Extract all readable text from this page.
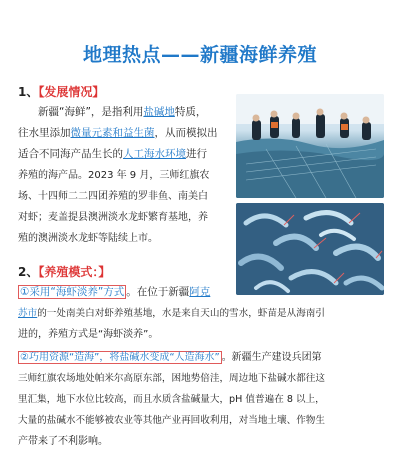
地理热点——新疆海鲜养殖
1、【发展情况】
新疆“海鲜”，是指利用盐碱地特质，
往水里添加微量元素和益生菌，从而模拟出
适合不同海产品生长的人工海水环境进行
养殖的海产品。2023 年 9 月，三师红旗农
场、十四师二二四团养殖的罗非鱼、南美白
对虾；麦盖提县澳洲淡水龙虾繁育基地，养
殖的澳洲淡水龙虾等陆续上市。
2、【养殖模式：】
①采用“海虾淡养”方式 。在位于新疆阿克
苏市的一处南美白对虾养殖基地，水是来自天山的雪水，虾苗是从海南引
进的，养殖方式是“海虾淡养”。
②巧用资源“造海”，将盐碱水变成“人造海水” 。新疆生产建设兵团第
三师红旗农场地处帕米尔高原东部，困地势倍洼，周边地下盐碱水都往这
里汇集，地下水位比较高，而且水质含盐碱量大，pH 值普遍在 8 以上，
大量的盐碱水不能够被农业等其他产业再回收利用，对当地土壤、作物生
产带来了不利影响。
